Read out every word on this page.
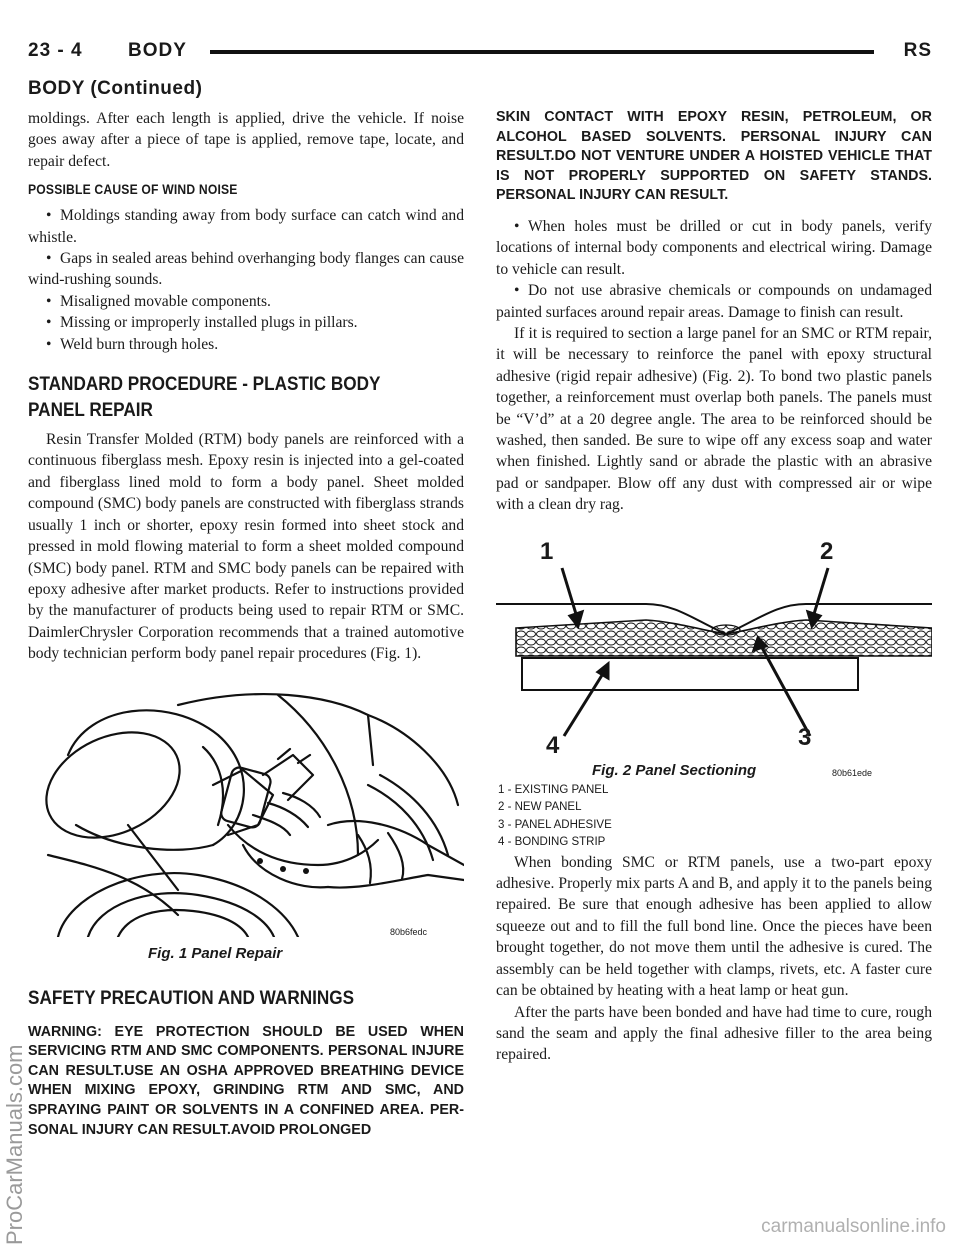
23 - 4 BODY	RS
BODY (Continued)

moldings. After each length is applied, drive the vehicle. If noise goes away after a piece of tape is applied, remove tape, locate, and repair defect.

POSSIBLE CAUSE OF WIND NOISE

• Moldings standing away from body surface can catch wind and whistle.

• Gaps in sealed areas behind overhanging body flanges can cause wind-rushing sounds.

• Misaligned movable components.

• Missing or improperly installed plugs in pillars.

• Weld burn through holes.

STANDARD PROCEDURE - PLASTIC BODY
PANEL REPAIR

Resin Transfer Molded (RTM) body panels are reinforced with a continuous fiberglass mesh. Epoxy resin is injected into a gel-coated and fiberglass lined mold to form a body panel. Sheet molded compound (SMC) body panels are constructed with fiberglass strands usually 1 inch or shorter, epoxy resin formed into sheet stock and pressed in mold flowing material to form a sheet molded compound (SMC) body panel. RTM and SMC body panels can be repaired with epoxy adhesive after market products. Refer to instructions provided by the manufacturer of products being used to repair RTM or SMC. DaimlerChrysler Corporation recommends that a trained automotive body technician perform body panel repair procedures (Fig. 1).

80b6fedc
Fig. 1 Panel Repair
SAFETY PRECAUTION AND WARNINGS

WARNING: EYE PROTECTION SHOULD BE USED WHEN SERVICING RTM AND SMC COMPONENTS. PERSONAL INJURE CAN RESULT.USE AN OSHA APPROVED BREATHING DEVICE WHEN MIXING EPOXY, GRINDING RTM AND SMC, AND SPRAYING PAINT OR SOLVENTS IN A CONFINED AREA. PERSONAL INJURY CAN RESULT.AVOID PROLONGED

SKIN CONTACT WITH EPOXY RESIN, PETROLEUM, OR ALCOHOL BASED SOLVENTS. PERSONAL INJURY CAN RESULT.DO NOT VENTURE UNDER A HOISTED VEHICLE THAT IS NOT PROPERLY SUPPORTED ON SAFETY STANDS. PERSONAL INJURY CAN RESULT.

• When holes must be drilled or cut in body panels, verify locations of internal body components and electrical wiring. Damage to vehicle can result.

• Do not use abrasive chemicals or compounds on undamaged painted surfaces around repair areas. Damage to finish can result.

If it is required to section a large panel for an SMC or RTM repair, it will be necessary to reinforce the panel with epoxy structural adhesive (rigid repair adhesive) (Fig. 2). To bond two plastic panels together, a reinforcement must overlap both panels. The panels must be “V’d” at a 20 degree angle. The area to be reinforced should be washed, then sanded. Be sure to wipe off any excess soap and water when finished. Lightly sand or abrade the plastic with an abrasive pad or sandpaper. Blow off any dust with compressed air or wipe with a clean dry rag.

1	2
3
4
Fig. 2 Panel Sectioning	80b61ede
1 - EXISTING PANEL
2 - NEW PANEL
3 - PANEL ADHESIVE
4 - BONDING STRIP

When bonding SMC or RTM panels, use a two-part epoxy adhesive. Properly mix parts A and B, and apply it to the panels being repaired. Be sure that enough adhesive has been applied to allow squeeze out and to fill the full bond line. Once the pieces have been brought together, do not move them until the adhesive is cured. The assembly can be held together with clamps, rivets, etc. A faster cure can be obtained by heating with a heat lamp or heat gun.

After the parts have been bonded and have had time to cure, rough sand the seam and apply the final adhesive filler to the area being repaired.

ProCarManuals.com	carmanualsonline.info
